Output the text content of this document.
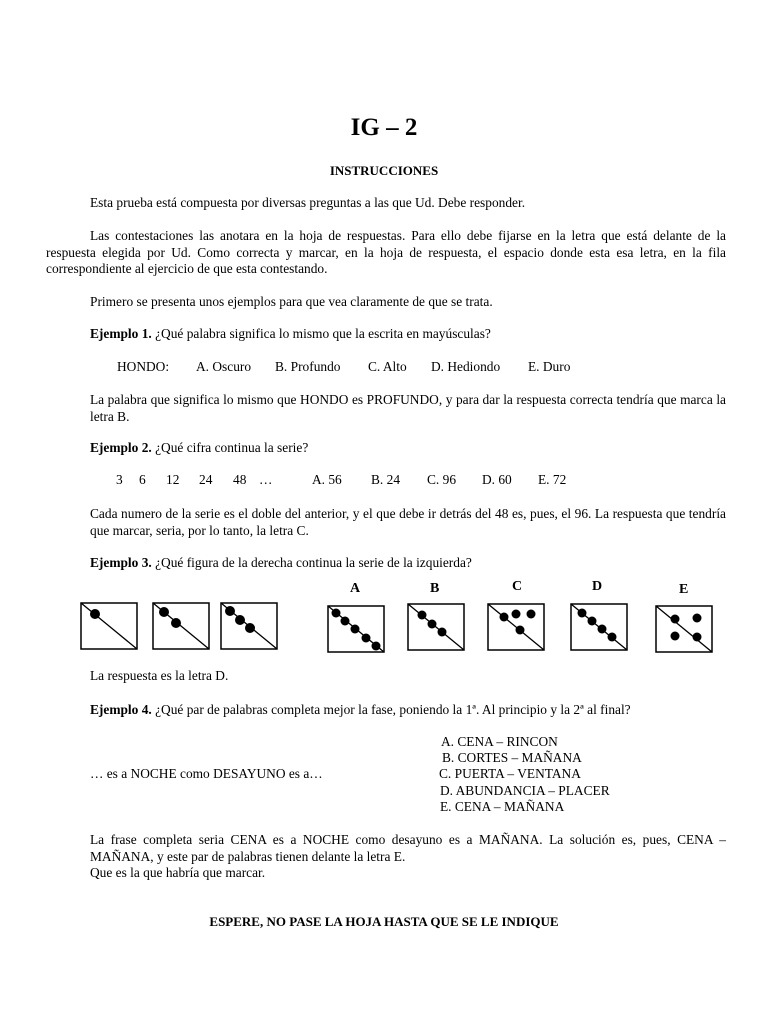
IG – 2
INSTRUCCIONES
Esta prueba está compuesta por diversas preguntas a las que Ud. Debe responder.
Las contestaciones las anotara en la hoja de respuestas. Para ello debe fijarse en la letra que está delante de la respuesta elegida por Ud. Como correcta y marcar, en la hoja de respuesta, el espacio donde esta esa letra, en la fila correspondiente al ejercicio de que esta contestando.
Primero se presenta unos ejemplos para que vea claramente de que se trata.
Ejemplo 1. ¿Qué palabra significa lo mismo que la escrita en mayúsculas?
HONDO: A. Oscuro B. Profundo C. Alto D. Hediondo E. Duro
La palabra que significa lo mismo que HONDO es PROFUNDO, y para dar la respuesta correcta tendría que marca la letra B.
Ejemplo 2. ¿Qué cifra continua la serie?
3 6 12 24 48 …	A. 56 B. 24 C. 96 D. 60 E. 72
Cada numero de la serie es el doble del anterior, y el que debe ir detrás del 48 es, pues, el 96. La respuesta que tendría que marcar, seria, por lo tanto, la letra C.
Ejemplo 3. ¿Qué figura de la derecha continua la serie de la izquierda?
A	B	C	D	E
La respuesta es la letra D.
Ejemplo 4. ¿Qué par de palabras completa mejor la fase, poniendo la 1ª. Al principio y la 2ª al final?
A. CENA – RINCON
B. CORTES – MAÑANA
C. PUERTA – VENTANA
D. ABUNDANCIA – PLACER
E. CENA – MAÑANA
… es a NOCHE como DESAYUNO es a…
La frase completa seria CENA es a NOCHE como desayuno es a MAÑANA. La solución es, pues, CENA – MAÑANA, y este par de palabras tienen delante la letra E.
Que es la que habría que marcar.
ESPERE, NO PASE LA HOJA HASTA QUE SE LE INDIQUE
